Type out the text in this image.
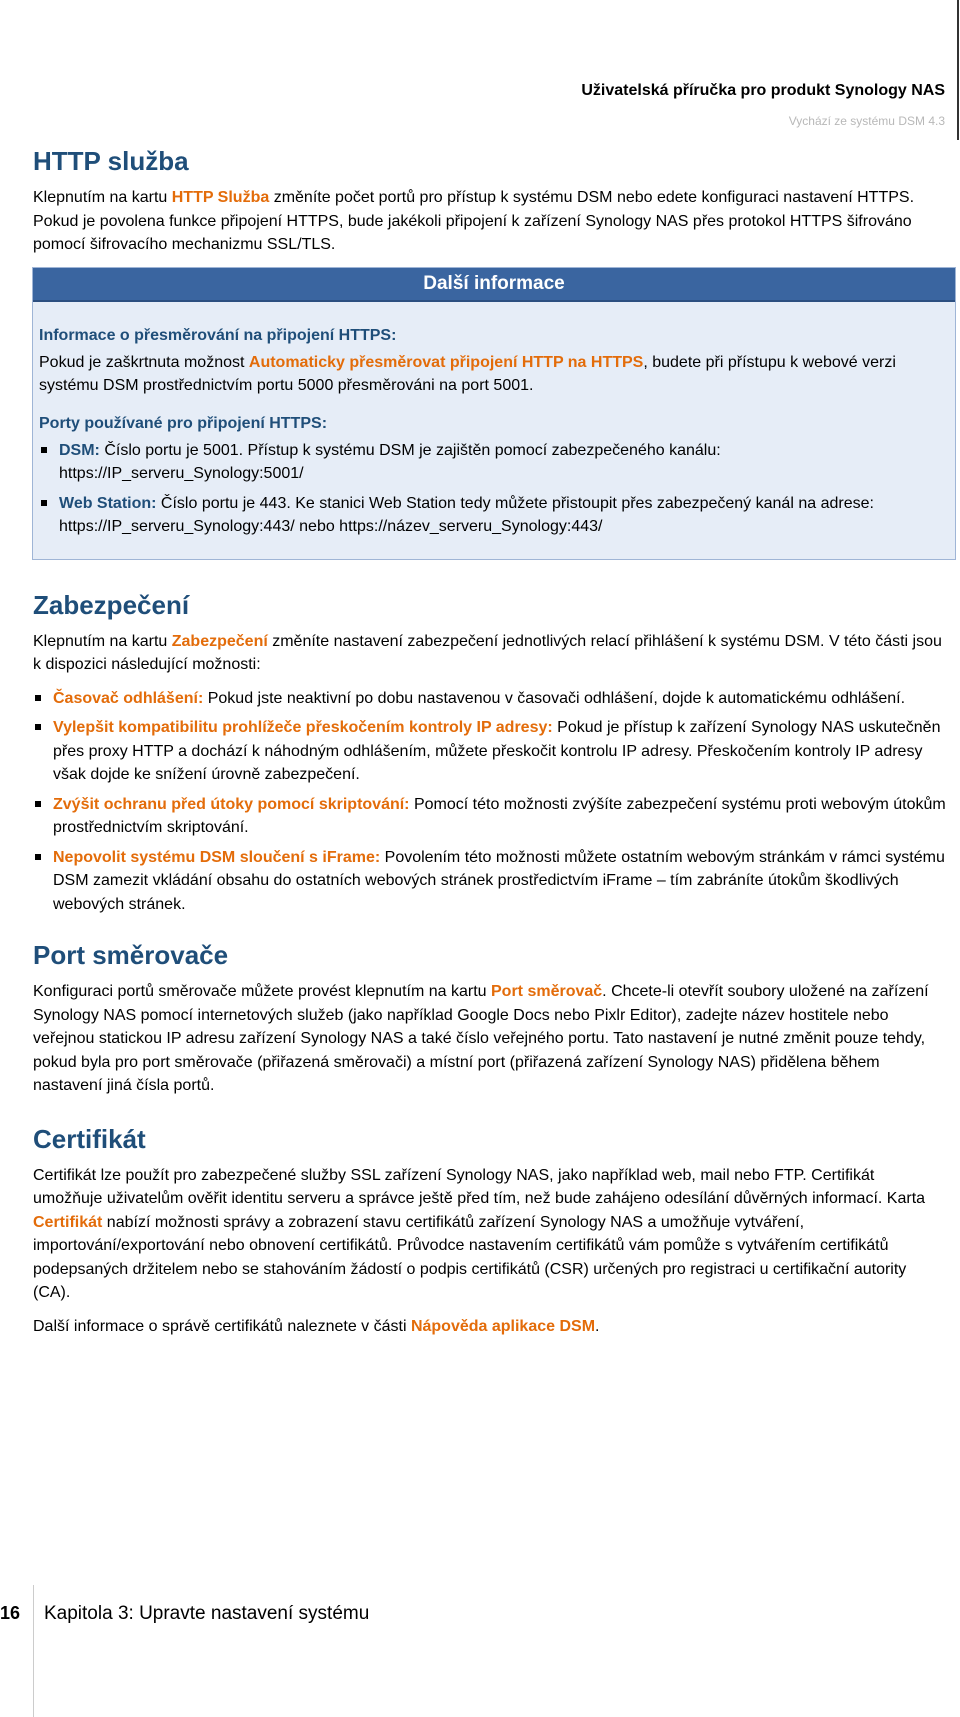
Uživatelská příručka pro produkt Synology NAS
Vychází ze systému DSM 4.3
HTTP služba

Klepnutím na kartu HTTP Služba změníte počet portů pro přístup k systému DSM nebo edete konfiguraci nastavení HTTPS. Pokud je povolena funkce připojení HTTPS, bude jakékoli připojení k zařízení Synology NAS přes protokol HTTPS šifrováno pomocí šifrovacího mechanizmu SSL/TLS.

Další informace
Informace o přesměrování na připojení HTTPS:

Pokud je zaškrtnuta možnost Automaticky přesměrovat připojení HTTP na HTTPS, budete při přístupu k webové verzi systému DSM prostřednictvím portu 5000 přesměrováni na port 5001.

Porty používané pro připojení HTTPS:
DSM: Číslo portu je 5001. Přístup k systému DSM je zajištěn pomocí zabezpečeného kanálu: https://IP_serveru_Synology:5001/
Web Station: Číslo portu je 443. Ke stanici Web Station tedy můžete přistoupit přes zabezpečený kanál na adrese: https://IP_serveru_Synology:443/ nebo https://název_serveru_Synology:443/
Zabezpečení

Klepnutím na kartu Zabezpečení změníte nastavení zabezpečení jednotlivých relací přihlášení k systému DSM. V této části jsou k dispozici následující možnosti:

Časovač odhlášení: Pokud jste neaktivní po dobu nastavenou v časovači odhlášení, dojde k automatickému odhlášení.
Vylepšit kompatibilitu prohlížeče přeskočením kontroly IP adresy: Pokud je přístup k zařízení Synology NAS uskutečněn přes proxy HTTP a dochází k náhodným odhlášením, můžete přeskočit kontrolu IP adresy. Přeskočením kontroly IP adresy však dojde ke snížení úrovně zabezpečení.
Zvýšit ochranu před útoky pomocí skriptování: Pomocí této možnosti zvýšíte zabezpečení systému proti webovým útokům prostřednictvím skriptování.
Nepovolit systému DSM sloučení s iFrame: Povolením této možnosti můžete ostatním webovým stránkám v rámci systému DSM zamezit vkládání obsahu do ostatních webových stránek prostředictvím iFrame – tím zabráníte útokům škodlivých webových stránek.
Port směrovače

Konfiguraci portů směrovače můžete provést klepnutím na kartu Port směrovač. Chcete-li otevřít soubory uložené na zařízení Synology NAS pomocí internetových služeb (jako například Google Docs nebo Pixlr Editor), zadejte název hostitele nebo veřejnou statickou IP adresu zařízení Synology NAS a také číslo veřejného portu. Tato nastavení je nutné změnit pouze tehdy, pokud byla pro port směrovače (přiřazená směrovači) a místní port (přiřazená zařízení Synology NAS) přidělena během nastavení jiná čísla portů.

Certifikát

Certifikát lze použít pro zabezpečené služby SSL zařízení Synology NAS, jako například web, mail nebo FTP. Certifikát umožňuje uživatelům ověřit identitu serveru a správce ještě před tím, než bude zahájeno odesílání důvěrných informací. Karta Certifikát nabízí možnosti správy a zobrazení stavu certifikátů zařízení Synology NAS a umožňuje vytváření, importování/exportování nebo obnovení certifikátů. Průvodce nastavením certifikátů vám pomůže s vytvářením certifikátů podepsaných držitelem nebo se stahováním žádostí o podpis certifikátů (CSR) určených pro registraci u certifikační autority (CA).

Další informace o správě certifikátů naleznete v části Nápověda aplikace DSM.

16 Kapitola 3: Upravte nastavení systému
